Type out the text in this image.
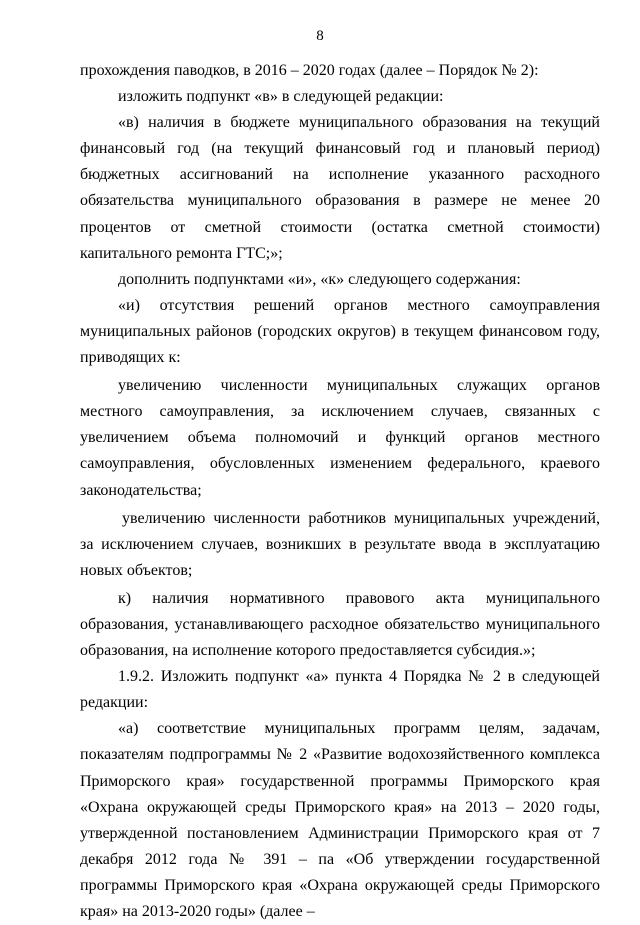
8

прохождения паводков, в 2016 – 2020 годах (далее – Порядок № 2):

изложить подпункт «в» в следующей редакции:

«в) наличия в бюджете муниципального образования на текущий финансовый год (на текущий финансовый год и плановый период) бюджетных ассигнований на исполнение указанного расходного обязательства муниципального образования в размере не менее 20 процентов от сметной стоимости (остатка сметной стоимости) капитального ремонта ГТС;»;

дополнить подпунктами «и», «к» следующего содержания:

«и) отсутствия решений органов местного самоуправления муниципальных районов (городских округов) в текущем финансовом году, приводящих к:

увеличению численности муниципальных служащих органов местного самоуправления, за исключением случаев, связанных с увеличением объема полномочий и функций органов местного самоуправления, обусловленных изменением федерального, краевого законодательства;

увеличению численности работников муниципальных учреждений, за исключением случаев, возникших в результате ввода в эксплуатацию новых объектов;

к) наличия нормативного правового акта муниципального образования, устанавливающего расходное обязательство муниципального образования, на исполнение которого предоставляется субсидия.»;

1.9.2. Изложить подпункт «а» пункта 4 Порядка № 2 в следующей редакции:

«а) соответствие муниципальных программ целям, задачам, показателям подпрограммы № 2 «Развитие водохозяйственного комплекса Приморского края» государственной программы Приморского края «Охрана окружающей среды Приморского края» на 2013 – 2020 годы, утвержденной постановлением Администрации Приморского края от 7 декабря 2012 года № 391 – па «Об утверждении государственной программы Приморского края «Охрана окружающей среды Приморского края» на 2013-2020 годы» (далее –
